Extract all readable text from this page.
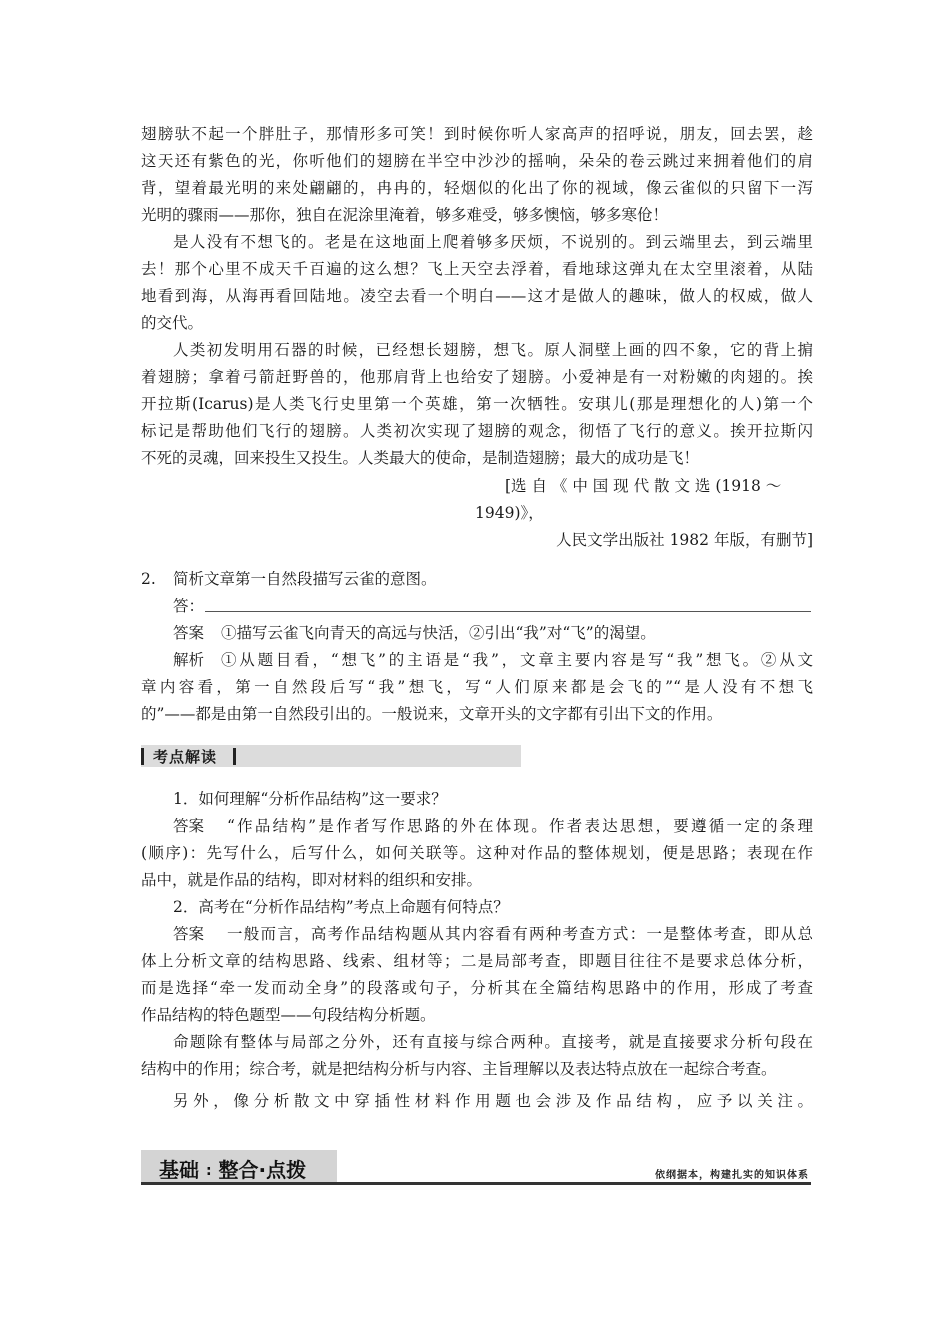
翅膀驮不起一个胖肚子，那情形多可笑！到时候你听人家高声的招呼说，朋友，回去罢，趁
这天还有紫色的光，你听他们的翅膀在半空中沙沙的摇响，朵朵的卷云跳过来拥着他们的肩
背，望着最光明的来处翩翩的，冉冉的，轻烟似的化出了你的视域，像云雀似的只留下一泻
光明的骤雨——那你，独自在泥涂里淹着，够多难受，够多懊恼，够多寒伧！
是人没有不想飞的。老是在这地面上爬着够多厌烦，不说别的。到云端里去，到云端里
去！那个心里不成天千百遍的这么想？飞上天空去浮着，看地球这弹丸在太空里滚着，从陆
地看到海，从海再看回陆地。凌空去看一个明白——这才是做人的趣味，做人的权威，做人
的交代。
人类初发明用石器的时候，已经想长翅膀，想飞。原人洞壁上画的四不象，它的背上掮
着翅膀；拿着弓箭赶野兽的，他那肩背上也给安了翅膀。小爱神是有一对粉嫩的肉翅的。挨
开拉斯(Icarus)是人类飞行史里第一个英雄，第一次牺牲。安琪儿(那是理想化的人)第一个
标记是帮助他们飞行的翅膀。人类初次实现了翅膀的观念，彻悟了飞行的意义。挨开拉斯闪
不死的灵魂，回来投生又投生。人类最大的使命，是制造翅膀；最大的成功是飞！
[选 自 《 中 国 现 代 散 文 选 (1918 ～
1949)》，
人民文学出版社 1982 年版，有删节]
2.	简析文章第一自然段描写云雀的意图。
答：
答案	①描写云雀飞向青天的高远与快活，②引出“我”对“飞”的渴望。
解析	①从题目看，“想飞”的主语是“我”，文章主要内容是写“我”想飞。②从文
章内容看，第一自然段后写“我”想飞，写“人们原来都是会飞的”“是人没有不想飞
的”——都是由第一自然段引出的。一般说来，文章开头的文字都有引出下文的作用。
考点解读
1．如何理解“分析作品结构”这一要求？
答案	“作品结构”是作者写作思路的外在体现。作者表达思想，要遵循一定的条理
(顺序)：先写什么，后写什么，如何关联等。这种对作品的整体规划，便是思路；表现在作
品中，就是作品的结构，即对材料的组织和安排。
2．高考在“分析作品结构”考点上命题有何特点？
答案	一般而言，高考作品结构题从其内容看有两种考查方式：一是整体考查，即从总
体上分析文章的结构思路、线索、组材等；二是局部考查，即题目往往不是要求总体分析，
而是选择“牵一发而动全身”的段落或句子，分析其在全篇结构思路中的作用，形成了考查
作品结构的特色题型——句段结构分析题。
命题除有整体与局部之分外，还有直接与综合两种。直接考，就是直接要求分析句段在
结构中的作用；综合考，就是把结构分析与内容、主旨理解以及表达特点放在一起综合考查。
另外，像分析散文中穿插性材料作用题也会涉及作品结构，应予以关注。
基础 : 整合·点拨	依纲据本，构建扎实的知识体系
